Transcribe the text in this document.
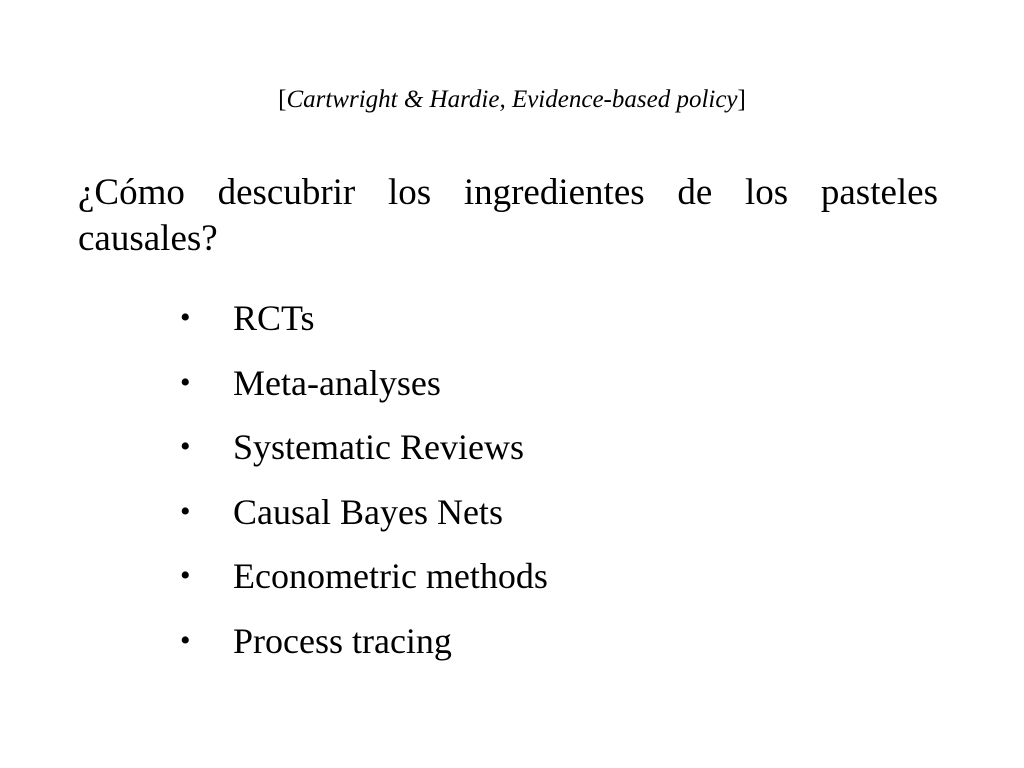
[Cartwright & Hardie, Evidence-based policy]
¿Cómo descubrir los ingredientes de los pasteles causales?
•	RCTs
•	Meta-analyses
•	Systematic Reviews
•	Causal Bayes Nets
•	Econometric methods
•	Process tracing
